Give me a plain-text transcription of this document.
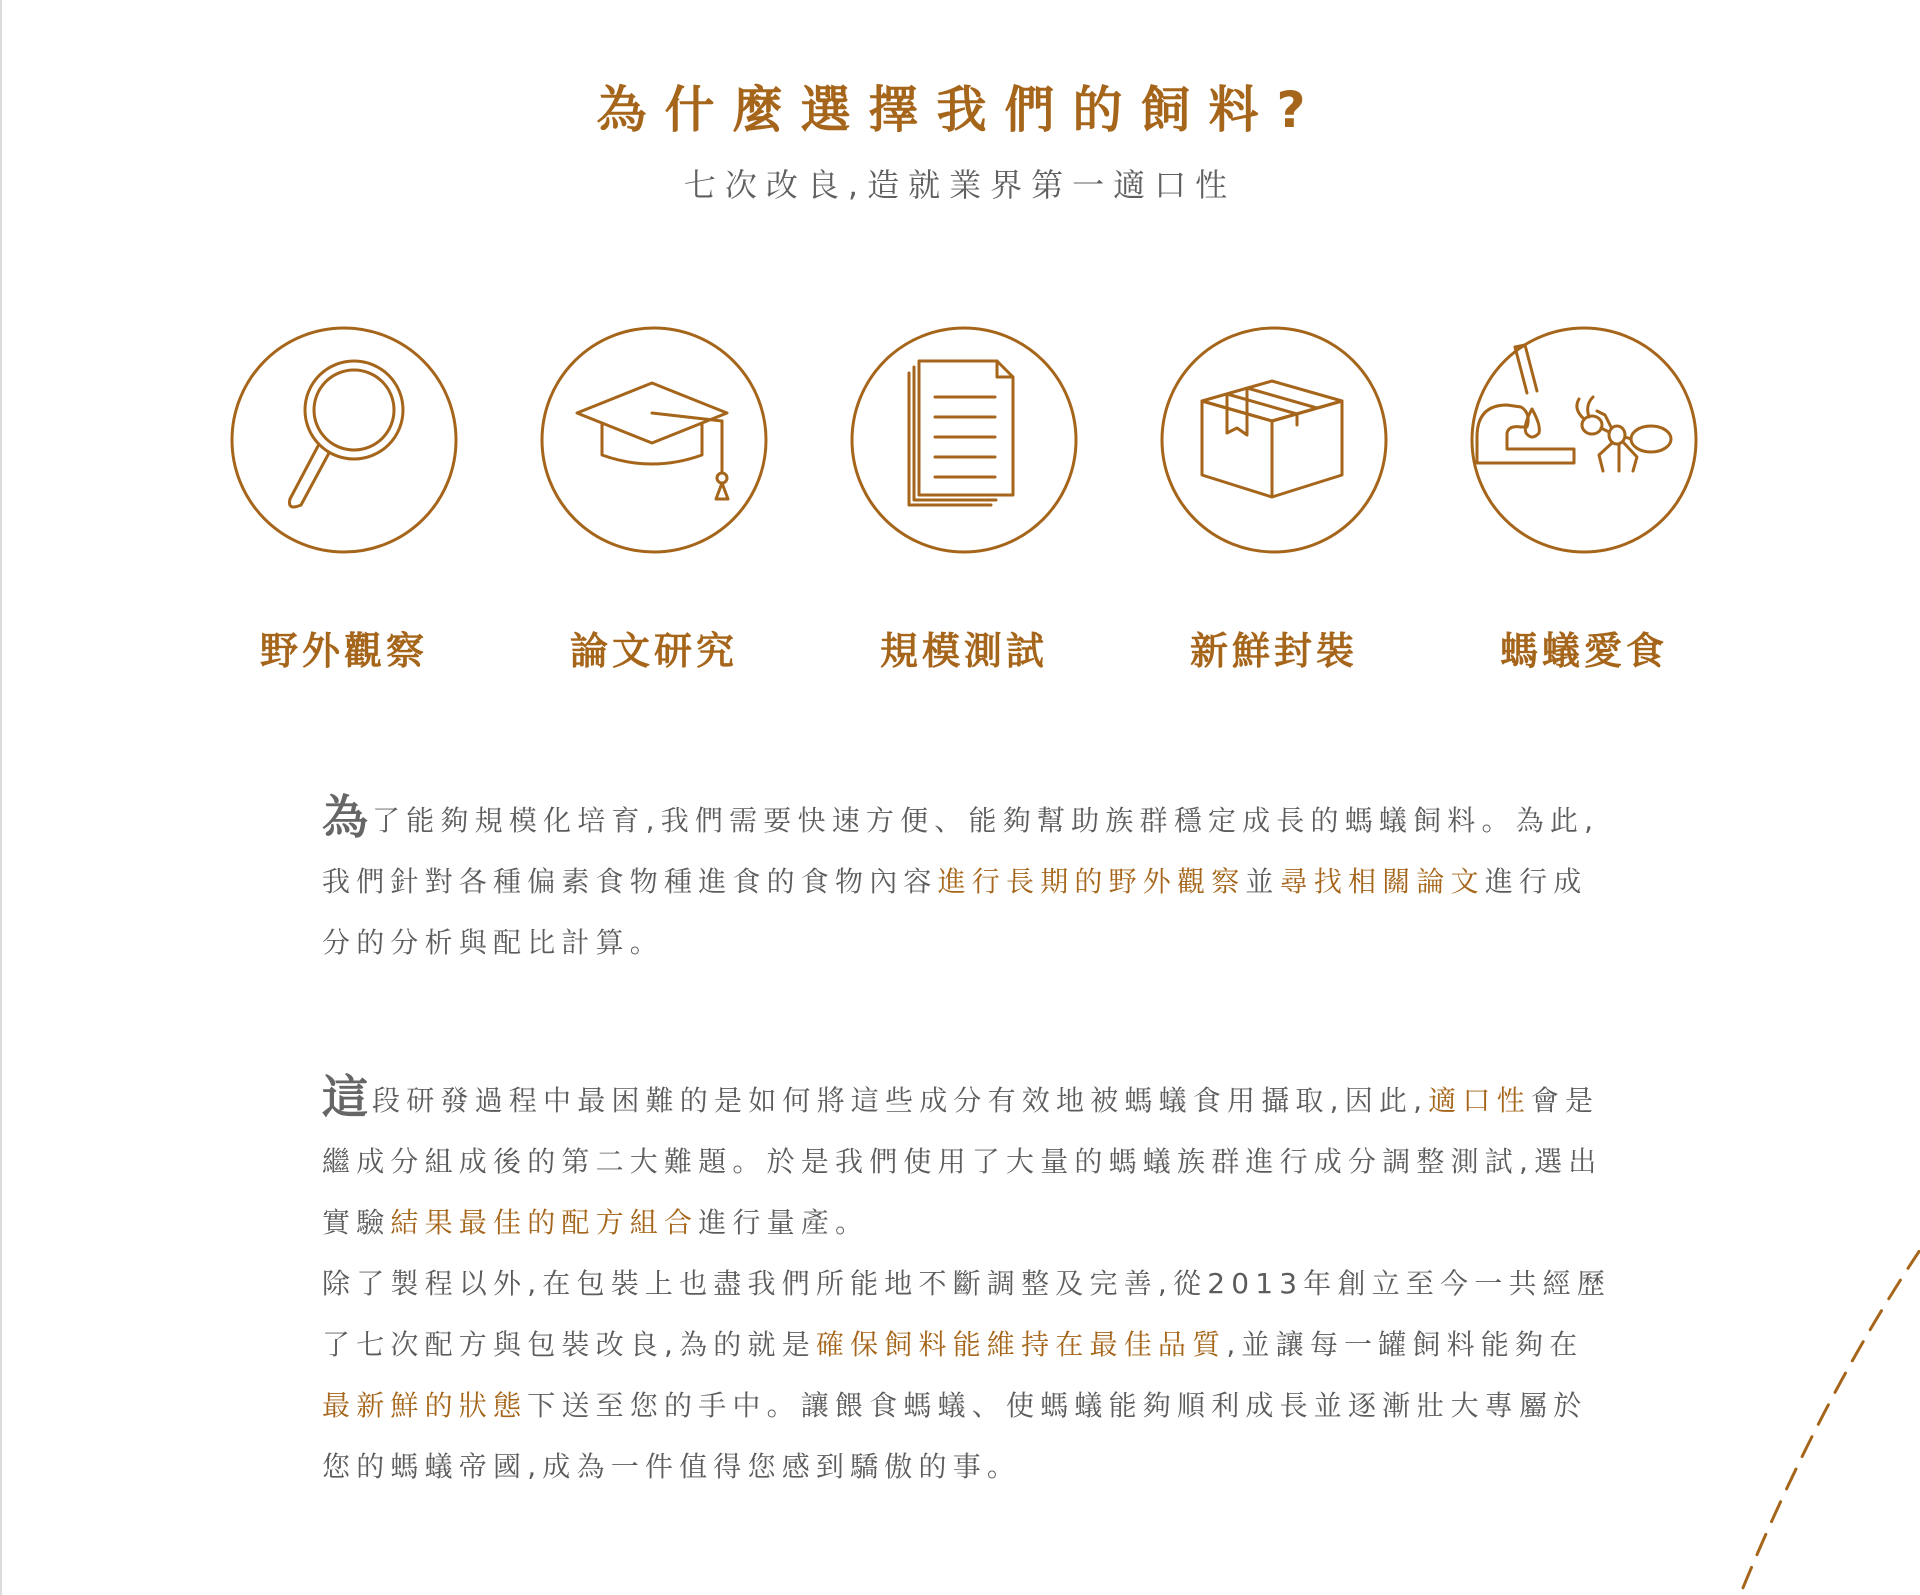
為什麼選擇我們的飼料?
七次改良,造就業界第一適口性
野外觀察	論文研究	規模測試	新鮮封裝	螞蟻愛食

為了能夠規模化培育,我們需要快速方便、能夠幫助族群穩定成長的螞蟻飼料。為此,我們針對各種偏素食物種進食的食物內容進行長期的野外觀察並尋找相關論文進行成分的分析與配比計算。

這段研發過程中最困難的是如何將這些成分有效地被螞蟻食用攝取,因此,適口性會是繼成分組成後的第二大難題。於是我們使用了大量的螞蟻族群進行成分調整測試,選出實驗結果最佳的配方組合進行量產。

除了製程以外,在包裝上也盡我們所能地不斷調整及完善,從2013年創立至今一共經歷了七次配方與包裝改良,為的就是確保飼料能維持在最佳品質,並讓每一罐飼料能夠在最新鮮的狀態下送至您的手中。讓餵食螞蟻、使螞蟻能夠順利成長並逐漸壯大專屬於您的螞蟻帝國,成為一件值得您感到驕傲的事。
